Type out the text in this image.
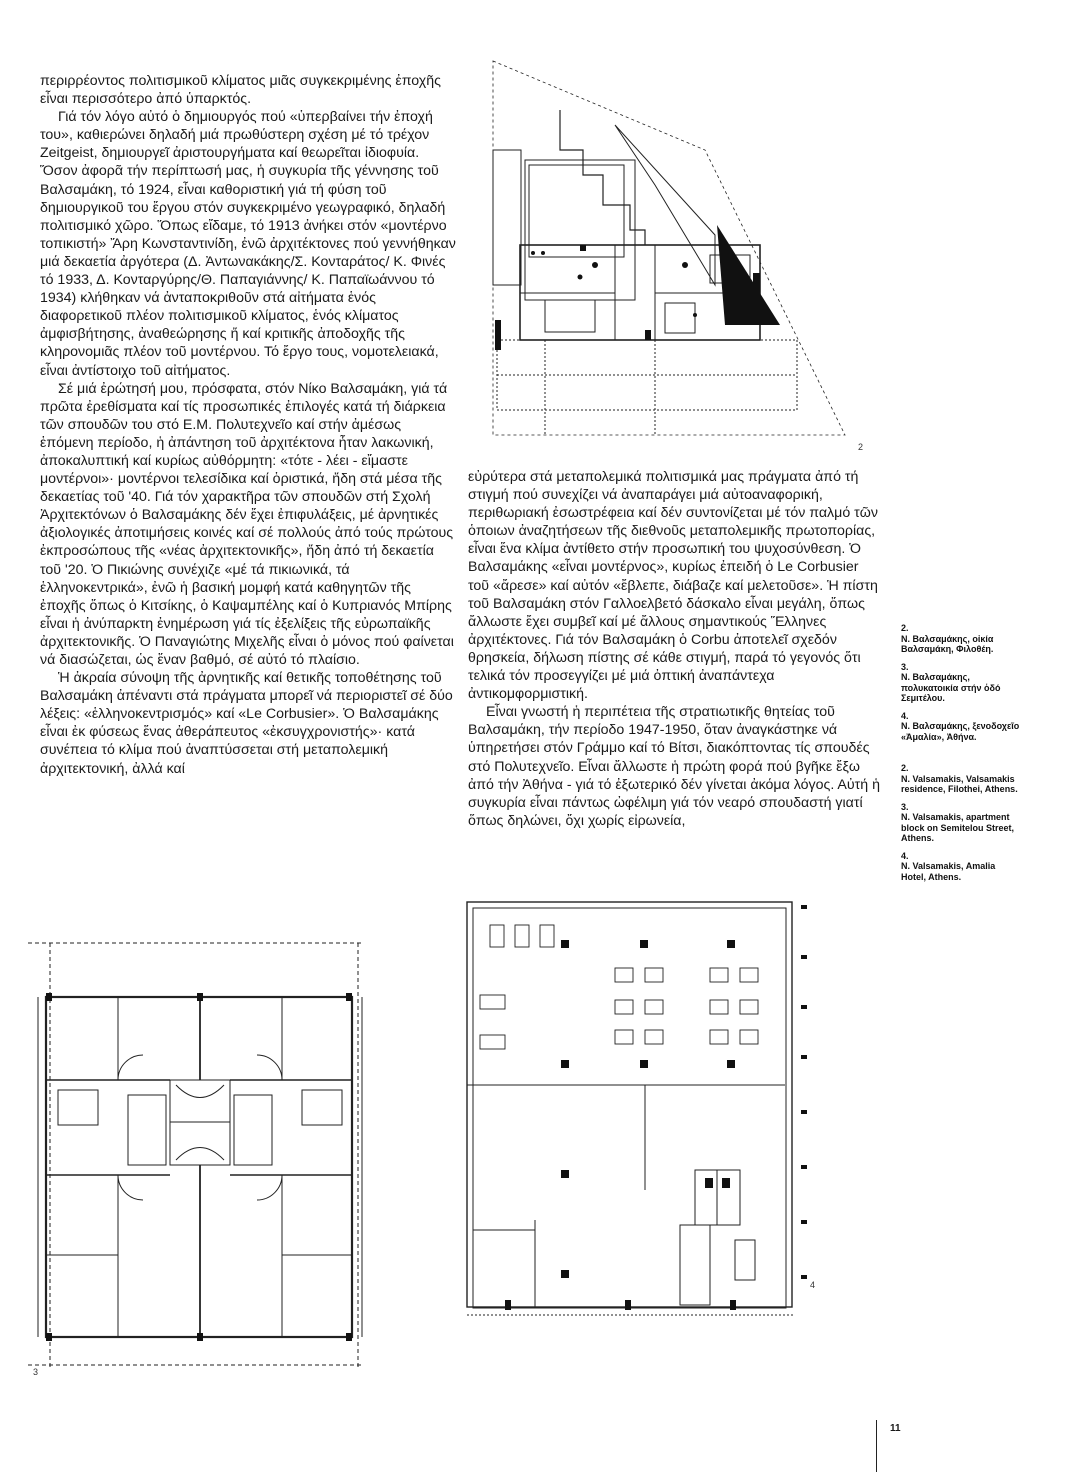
περιρρέοντος πολιτισμικοῦ κλίματος μιᾶς συγκεκριμένης ἐποχῆς εἶναι περισσότερο ἀπό ὑπαρκτός.

Γιά τόν λόγο αὐτό ὁ δημιουργός πού «ὑπερβαίνει τήν ἐποχή του», καθιερώνει δηλαδή μιά πρωθύστερη σχέση μέ τό τρέχον Zeitgeist, δημιουργεῖ ἀριστουργήματα καί θεωρεῖται ἰδιοφυία. Ὅσον ἀφορᾶ τήν περίπτωσή μας, ἡ συγκυρία τῆς γέννησης τοῦ Βαλσαμάκη, τό 1924, εἶναι καθοριστική γιά τή φύση τοῦ δημιουργικοῦ του ἔργου στόν συγκεκριμένο γεωγραφικό, δηλαδή πολιτισμικό χῶρο. Ὅπως εἴδαμε, τό 1913 ἀνήκει στόν «μοντέρνο τοπικιστή» Ἄρη Κωνσταντινίδη, ἐνῶ ἀρχιτέκτονες πού γεννήθηκαν μιά δεκαετία ἀργότερα (Δ. Ἀντωνακάκης/Σ. Κονταράτος/ Κ. Φινές τό 1933, Δ. Κονταργύρης/Θ. Παπαγιάννης/ Κ. Παπαϊωάννου τό 1934) κλήθηκαν νά ἀνταποκριθοῦν στά αἰτήματα ἑνός διαφορετικοῦ πλέον πολιτισμικοῦ κλίματος, ἑνός κλίματος ἀμφισβήτησης, ἀναθεώρησης ἤ καί κριτικῆς ἀποδοχῆς τῆς κληρονομιᾶς πλέον τοῦ μοντέρνου. Τό ἔργο τους, νομοτελειακά, εἶναι ἀντίστοιχο τοῦ αἰτήματος.

Σέ μιά ἐρώτησή μου, πρόσφατα, στόν Νίκο Βαλσαμάκη, γιά τά πρῶτα ἐρεθίσματα καί τίς προσωπικές ἐπιλογές κατά τή διάρκεια τῶν σπουδῶν του στό Ε.Μ. Πολυτεχνεῖο καί στήν ἀμέσως ἑπόμενη περίοδο, ἡ ἀπάντηση τοῦ ἀρχιτέκτονα ἦταν λακωνική, ἀποκαλυπτική καί κυρίως αὐθόρμητη: «τότε - λέει - εἴμαστε μοντέρνοι»· μοντέρνοι τελεσίδικα καί ὁριστικά, ἤδη στά μέσα τῆς δεκαετίας τοῦ '40. Γιά τόν χαρακτῆρα τῶν σπουδῶν στή Σχολή Ἀρχιτεκτόνων ὁ Βαλσαμάκης δέν ἔχει ἐπιφυλάξεις, μέ ἀρνητικές ἀξιολογικές ἀποτιμήσεις κοινές καί σέ πολλούς ἀπό τούς πρώτους ἐκπροσώπους τῆς «νέας ἀρχιτεκτονικῆς», ἤδη ἀπό τή δεκαετία τοῦ '20. Ὁ Πικιώνης συνέχιζε «μέ τά πικιωνικά, τά ἑλληνοκεντρικά», ἐνῶ ἡ βασική μομφή κατά καθηγητῶν τῆς ἐποχῆς ὅπως ὁ Κιτσίκης, ὁ Καψαμπέλης καί ὁ Κυπριανός Μπίρης εἶναι ἡ ἀνύπαρκτη ἐνημέρωση γιά τίς ἐξελίξεις τῆς εὐρωπαϊκῆς ἀρχιτεκτονικῆς. Ὁ Παναγιώτης Μιχελῆς εἶναι ὁ μόνος πού φαίνεται νά διασώζεται, ὡς ἕναν βαθμό, σέ αὐτό τό πλαίσιο.

Ἡ ἀκραία σύνοψη τῆς ἀρνητικῆς καί θετικῆς τοποθέτησης τοῦ Βαλσαμάκη ἀπέναντι στά πράγματα μπορεῖ νά περιοριστεῖ σέ δύο λέξεις: «ἑλληνοκεντρισμός» καί «Le Corbusier». Ὁ Βαλσαμάκης εἶναι ἐκ φύσεως ἕνας ἀθεράπευτος «ἐκσυγχρονιστής»· κατά συνέπεια τό κλίμα πού ἀναπτύσσεται στή μεταπολεμική ἀρχιτεκτονική, ἀλλά καί

εὐρύτερα στά μεταπολεμικά πολιτισμικά μας πράγματα ἀπό τή στιγμή πού συνεχίζει νά ἀναπαράγει μιά αὐτοαναφορική, περιθωριακή ἐσωστρέφεια καί δέν συντονίζεται μέ τόν παλμό τῶν ὁποιων ἀναζητήσεων τῆς διεθνοῦς μεταπολεμικῆς πρωτοπορίας, εἶναι ἕνα κλίμα ἀντίθετο στήν προσωπική του ψυχοσύνθεση. Ὁ Βαλσαμάκης «εἶναι μοντέρνος», κυρίως ἐπειδή ὁ Le Corbusier τοῦ «ἄρεσε» καί αὐτόν «ἔβλεπε, διάβαζε καί μελετοῦσε». Ἡ πίστη τοῦ Βαλσαμάκη στόν Γαλλοελβετό δάσκαλο εἶναι μεγάλη, ὅπως ἄλλωστε ἔχει συμβεῖ καί μέ ἄλλους σημαντικούς Ἕλληνες ἀρχιτέκτονες. Γιά τόν Βαλσαμάκη ὁ Corbu ἀποτελεῖ σχεδόν θρησκεία, δήλωση πίστης σέ κάθε στιγμή, παρά τό γεγονός ὅτι τελικά τόν προσεγγίζει μέ μιά ὀπτική ἀναπάντεχα ἀντικομφορμιστική.

Εἶναι γνωστή ἡ περιπέτεια τῆς στρατιωτικῆς θητείας τοῦ Βαλσαμάκη, τήν περίοδο 1947-1950, ὅταν ἀναγκάστηκε νά ὑπηρετήσει στόν Γράμμο καί τό Βίτσι, διακόπτοντας τίς σπουδές στό Πολυτεχνεῖο. Εἶναι ἄλλωστε ἡ πρώτη φορά πού βγῆκε ἔξω ἀπό τήν Ἀθήνα - γιά τό ἐξωτερικό δέν γίνεται ἀκόμα λόγος. Αὐτή ἡ συγκυρία εἶναι πάντως ὠφέλιμη γιά τόν νεαρό σπουδαστή γιατί ὅπως δηλώνει, ὄχι χωρίς εἰρωνεία,

2
2.
Ν. Βαλσαμάκης, οἰκία Βαλσαμάκη, Φιλοθέη.
3.
Ν. Βαλσαμάκης, πολυκατοικία στήν ὁδό Σεμιτέλου.
4.
Ν. Βαλσαμάκης, ξενοδοχεῖο «Ἀμαλία», Ἀθήνα.
2.
N. Valsamakis, Valsamakis residence, Filothei, Athens.
3.
N. Valsamakis, apartment block on Semitelou Street, Athens.
4.
N. Valsamakis, Amalia Hotel, Athens.
3
4
11
